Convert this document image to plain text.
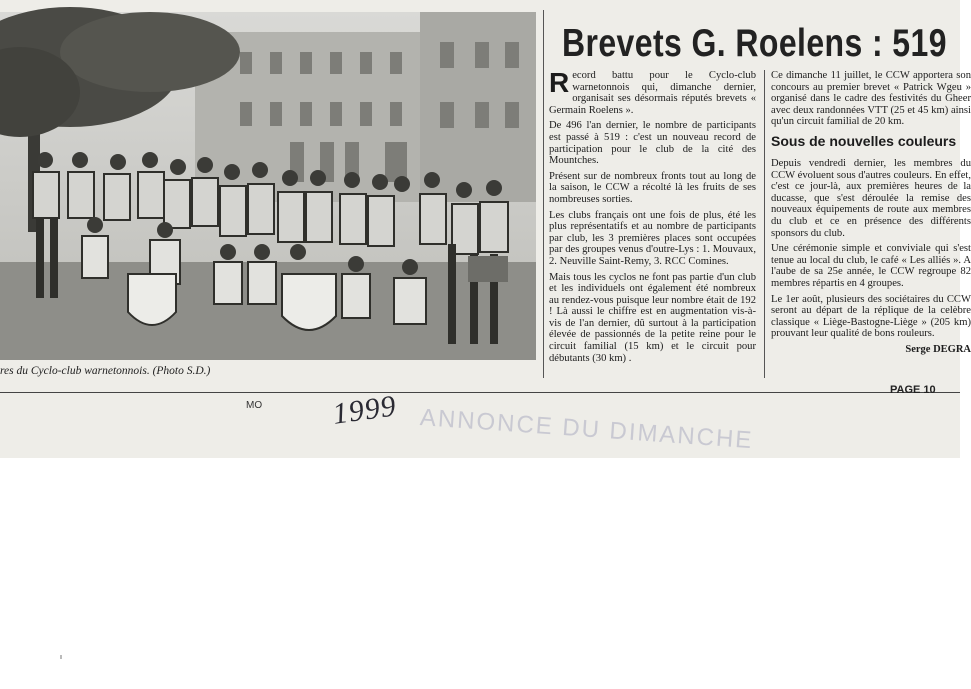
res du Cyclo-club warnetonnois. (Photo S.D.)
Brevets G. Roelens : 519

Record battu pour le Cyclo-club warnetonnois qui, dimanche dernier, organisait ses désormais réputés brevets « Germain Roelens ».

De 496 l'an dernier, le nombre de participants est passé à 519 : c'est un nouveau record de participation pour le club de la cité des Mountches.

Présent sur de nombreux fronts tout au long de la saison, le CCW a récolté là les fruits de ses nombreuses sorties.

Les clubs français ont une fois de plus, été les plus représentatifs et au nombre de participants par club, les 3 premières places sont occupées par des groupes venus d'outre-Lys : 1. Mouvaux, 2. Neuville Saint-Remy, 3. RCC Comines.

Mais tous les cyclos ne font pas partie d'un club et les individuels ont également été nombreux au rendez-vous puisque leur nombre était de 192 ! Là aussi le chiffre est en augmentation vis-à-vis de l'an dernier, dû surtout à la participation élevée de passionnés de la petite reine pour le circuit familial (15 km) et le circuit pour débutants (30 km) .

Ce dimanche 11 juillet, le CCW apportera son concours au premier brevet « Patrick Wgeu » organisé dans le cadre des festivités du Gheer avec deux randonnées VTT (25 et 45 km) ainsi qu'un circuit familial de 20 km.

Sous de nouvelles couleurs

Depuis vendredi dernier, les membres du CCW évoluent sous d'autres couleurs. En effet, c'est ce jour-là, aux premières heures de la ducasse, que s'est déroulée la remise des nouveaux équipements de route aux membres du club et ce en présence des différents sponsors du club.

Une cérémonie simple et conviviale qui s'est tenue au local du club, le café « Les alliés ». A l'aube de sa 25e année, le CCW regroupe 82 membres répartis en 4 groupes.

Le 1er août, plusieurs des sociétaires du CCW seront au départ de la réplique de la celèbre classique « Liège-Bastogne-Liège » (205 km) prouvant leur qualité de bons rouleurs.

Serge DEGRA

PAGE 10
MO 1999 ANNONCE DU DIMANCHE
